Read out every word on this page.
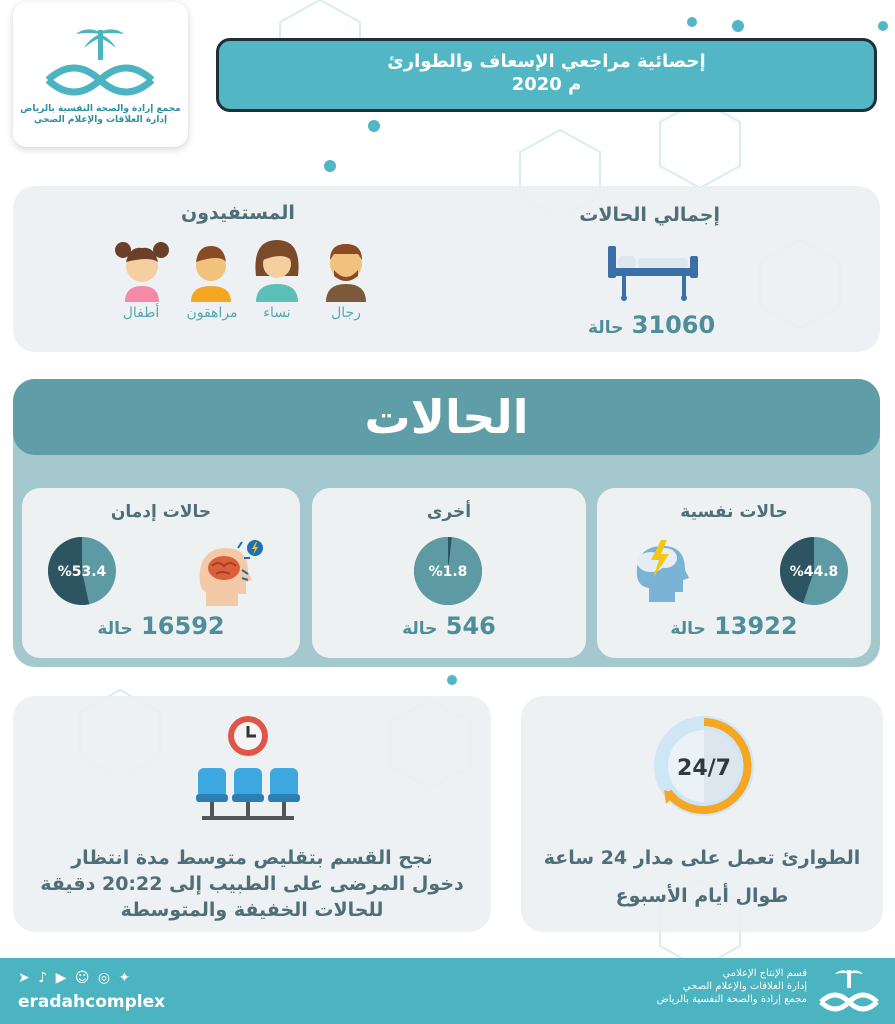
مجمع إرادة والصحة النفسية بالرياض
إدارة العلاقات والإعلام الصحي
إحصائية مراجعي الإسعاف والطوارئ
2020 م
إجمالي الحالات
31060 حالة
المستفيدون
رجال
نساء
مراهقون
أطفال
الحالات
حالات نفسية
%44.8
13922 حالة
أخرى
%1.8
546 حالة
حالات إدمان
%53.4
16592 حالة
24/7
الطوارئ تعمل على مدار 24 ساعة
طوال أيام الأسبوع
نجح القسم بتقليص متوسط مدة انتظار
دخول المرضى على الطبيب إلى 20:22 دقيقة
للحالات الخفيفة والمتوسطة
➤ ♪ ▶ ☺ ◎ ✦
eradahcomplex
قسم الإنتاج الإعلامي
إدارة العلاقات والإعلام الصحي
مجمع إرادة والصحة النفسية بالرياض
